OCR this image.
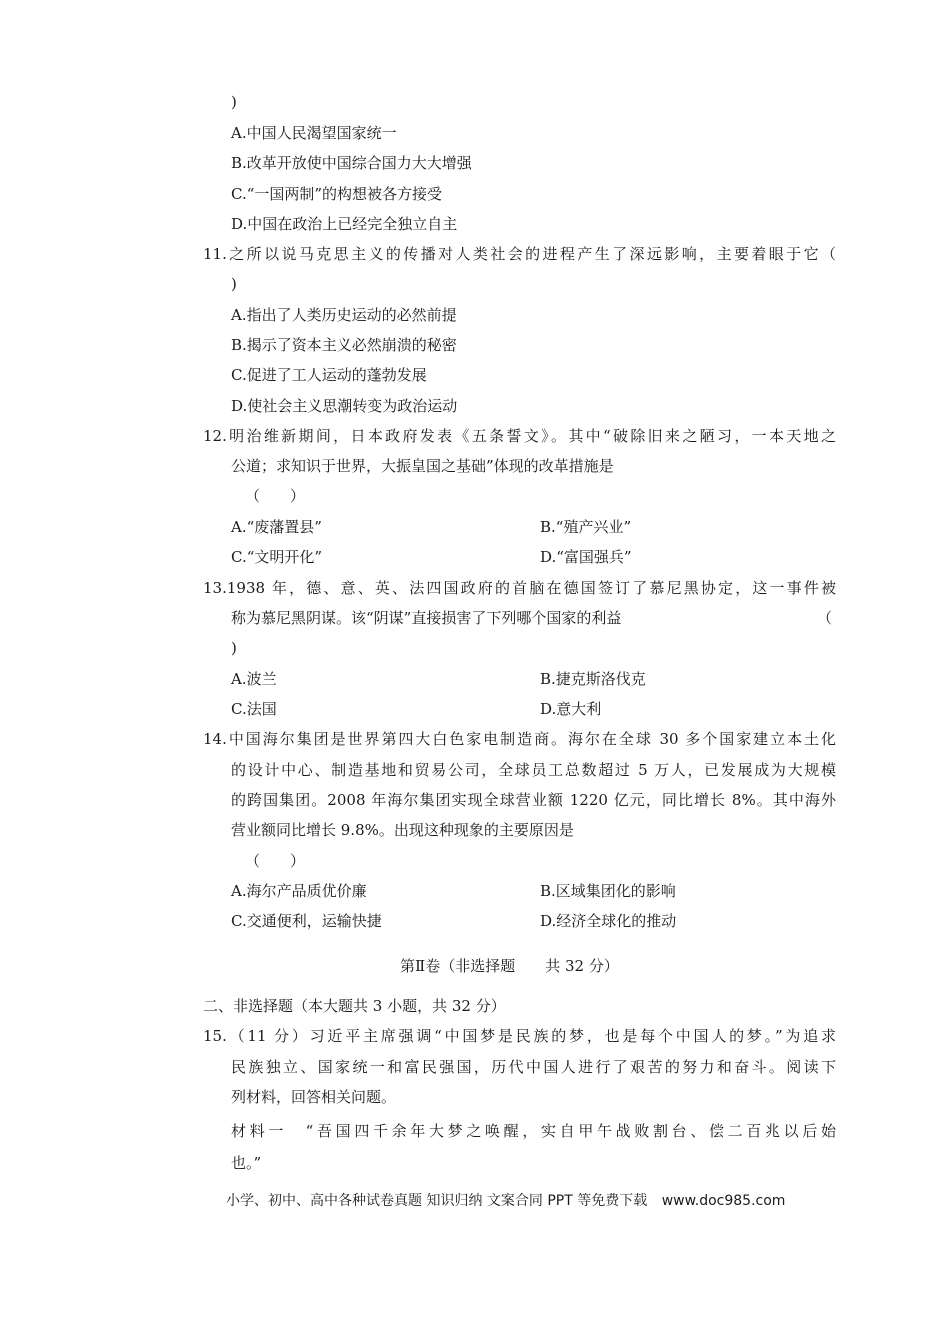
)
A.中国人民渴望国家统一
B.改革开放使中国综合国力大大增强
C.“一国两制”的构想被各方接受
D.中国在政治上已经完全独立自主
11.之所以说马克思主义的传播对人类社会的进程产生了深远影响，主要着眼于它（
)
A.指出了人类历史运动的必然前提
B.揭示了资本主义必然崩溃的秘密
C.促进了工人运动的蓬勃发展
D.使社会主义思潮转变为政治运动
12.明治维新期间，日本政府发表《五条誓文》。其中“破除旧来之陋习，一本天地之
公道；求知识于世界，大振皇国之基础”体现的改革措施是
（　　）
A.“废藩置县”	B.“殖产兴业”
C.“文明开化”	D.“富国强兵”
13.1938 年，德、意、英、法四国政府的首脑在德国签订了慕尼黑协定，这一事件被
称为慕尼黑阴谋。该“阴谋”直接损害了下列哪个国家的利益	（
)
A.波兰	B.捷克斯洛伐克
C.法国	D.意大利
14.中国海尔集团是世界第四大白色家电制造商。海尔在全球 30 多个国家建立本土化
的设计中心、制造基地和贸易公司，全球员工总数超过 5 万人，已发展成为大规模
的跨国集团。2008 年海尔集团实现全球营业额 1220 亿元，同比增长 8%。其中海外
营业额同比增长 9.8%。出现这种现象的主要原因是
（　　）
A.海尔产品质优价廉	B.区域集团化的影响
C.交通便利，运输快捷	D.经济全球化的推动
第Ⅱ卷（非选择题　　共 32 分）
二、非选择题（本大题共 3 小题，共 32 分）
15.（11 分）习近平主席强调“中国梦是民族的梦，也是每个中国人的梦。”为追求
民族独立、国家统一和富民强国，历代中国人进行了艰苦的努力和奋斗。阅读下
列材料，回答相关问题。
材料一　“吾国四千余年大梦之唤醒，实自甲午战败割台、偿二百兆以后始
也。”
小学、初中、高中各种试卷真题 知识归纳 文案合同 PPT 等免费下载 www.doc985.com
